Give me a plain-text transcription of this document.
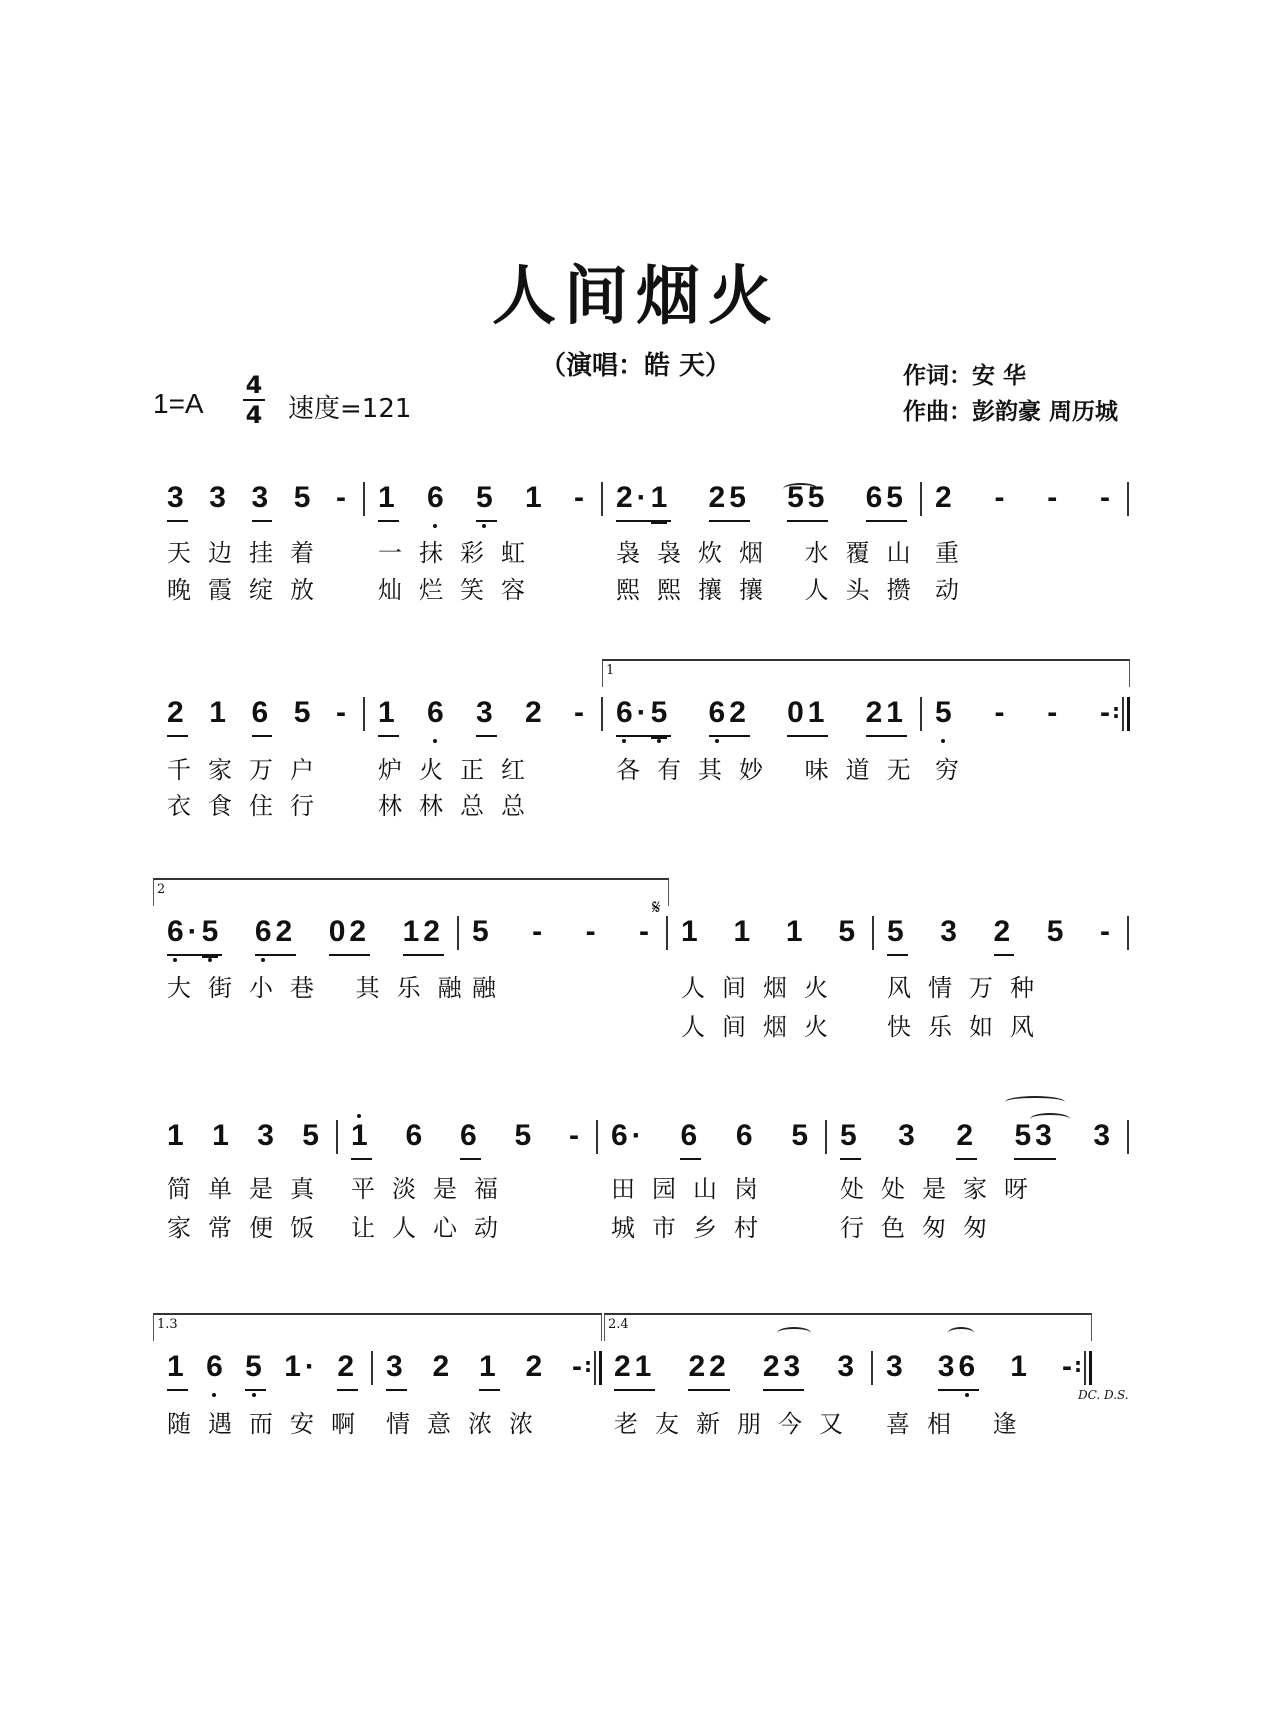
人间烟火
（演唱：皓 天）	作词：安 华
作曲：彭韵豪 周历城
1=A
4
4 速度=121
𝄋
DC. D.S.
3 3 3 5 -
天边挂着
晚霞绽放
1 6 5 1 -
一抹彩虹
灿烂笑容
2·1 25 55 65
袅袅炊烟 水覆山
熙熙攘攘 人头攒
2 - - -
重
动
2 1 6 5 -
千家万户
衣食住行
1 6 3 2 -
炉火正红
林林总总
6·5 62 01 21
各有其妙 味道无
5 - - -
穷
:
1
6·5 62 02 12
大街小巷 其乐融
5 - - -
融
1 1 1 5
人间烟火
人间烟火
5 3 2 5 -
风情万种
快乐如风
2
1 1 3 5
简单是真
家常便饭
1 6 6 5 -
平淡是福
让人心动
6· 6 6 5
田园山岗
城市乡村
5 3 2 53 3
处处是家呀
行色匆匆
1 6 5 1· 2
随遇而安啊
3 2 1 2 -
情意浓浓
: 21 22 23 3
老友新朋今又
3 36 1 -
喜相 逢
:
1.3	2.4
